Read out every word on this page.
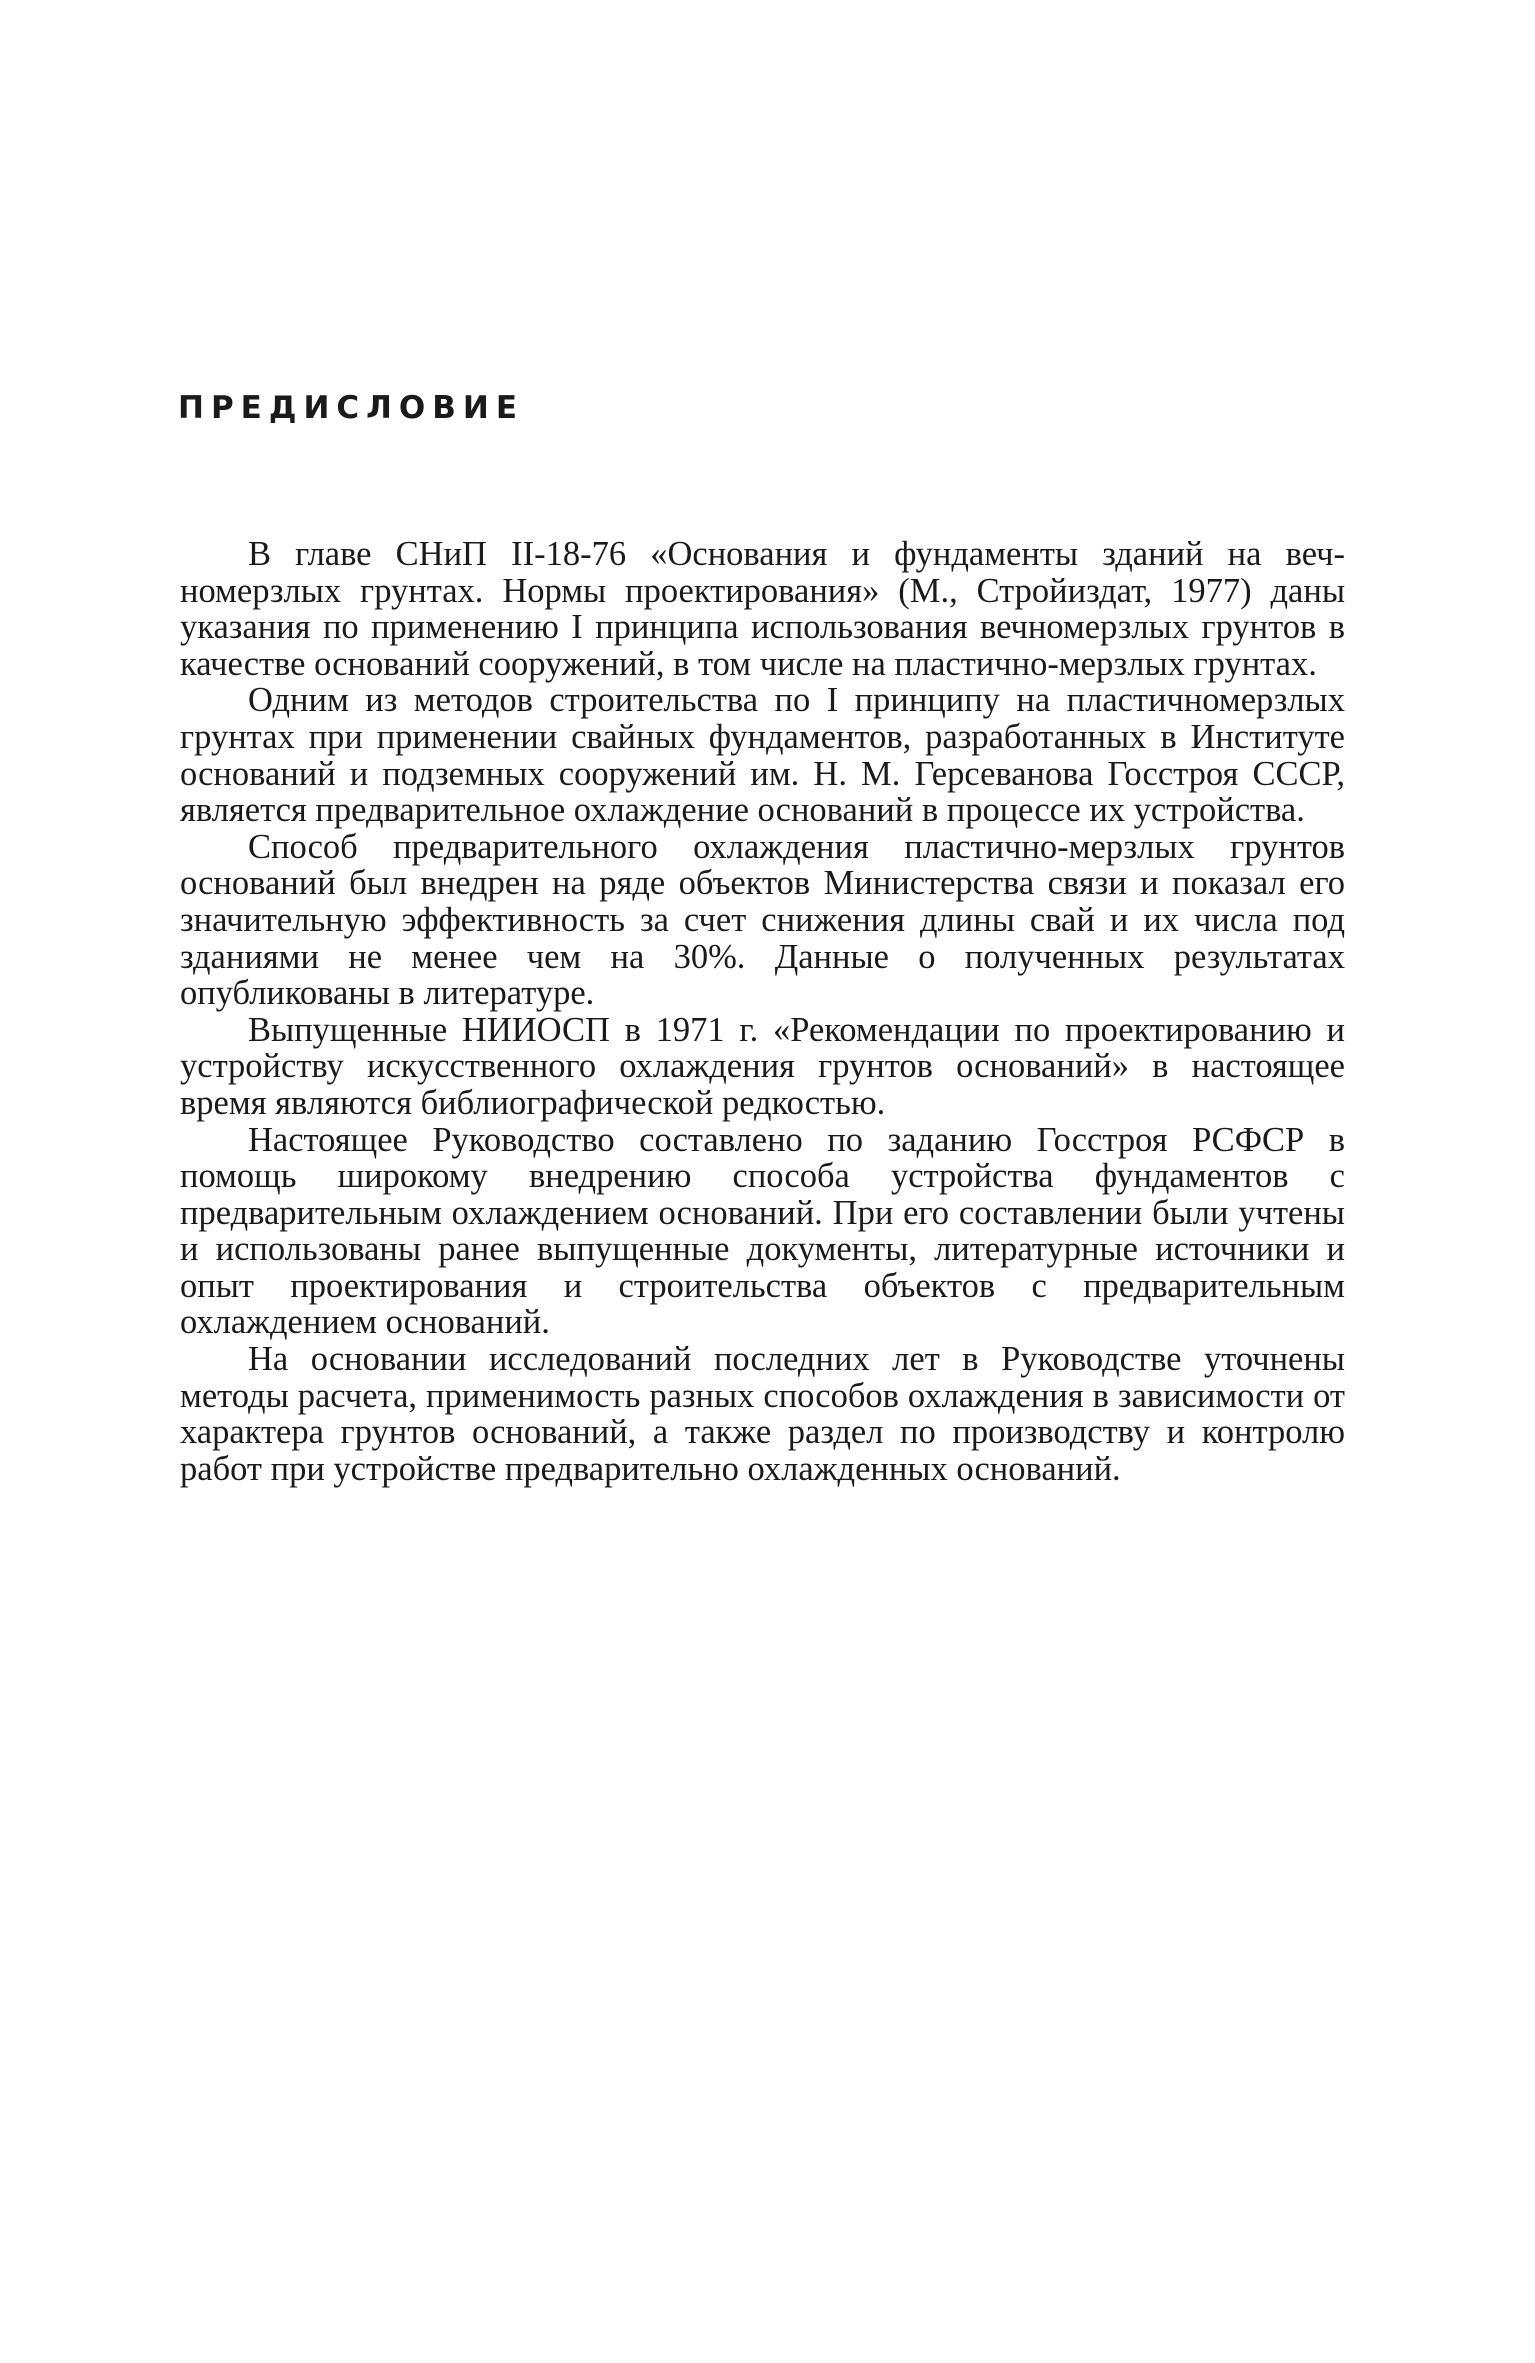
ПРЕДИСЛОВИЕ

В главе СНиП II-18-76 «Основания и фундаменты зданий на вечномерзлых грунтах. Нормы проектирования» (М., Стройиздат, 1977) даны указания по применению I принципа использования вечномерзлых грунтов в качестве оснований сооружений, в том числе на пластично-мерзлых грунтах.

Одним из методов строительства по I принципу на пластичномерзлых грунтах при применении свайных фундаментов, разработанных в Институте оснований и подземных сооружений им. Н. М. Герсеванова Госстроя СССР, является предварительное охлаждение оснований в процессе их устройства.

Способ предварительного охлаждения пластично-мерзлых грунтов оснований был внедрен на ряде объектов Министерства связи и показал его значительную эффективность за счет снижения длины свай и их числа под зданиями не менее чем на 30%. Данные о полученных результатах опубликованы в литературе.

Выпущенные НИИОСП в 1971 г. «Рекомендации по проектированию и устройству искусственного охлаждения грунтов оснований» в настоящее время являются библиографической редкостью.

Настоящее Руководство составлено по заданию Госстроя РСФСР в помощь широкому внедрению способа устройства фундаментов с предварительным охлаждением оснований. При его составлении были учтены и использованы ранее выпущенные документы, литературные источники и опыт проектирования и строительства объектов с предварительным охлаждением оснований.

На основании исследований последних лет в Руководстве уточнены методы расчета, применимость разных способов охлаждения в зависимости от характера грунтов оснований, а также раздел по производству и контролю работ при устройстве предварительно охлажденных оснований.
